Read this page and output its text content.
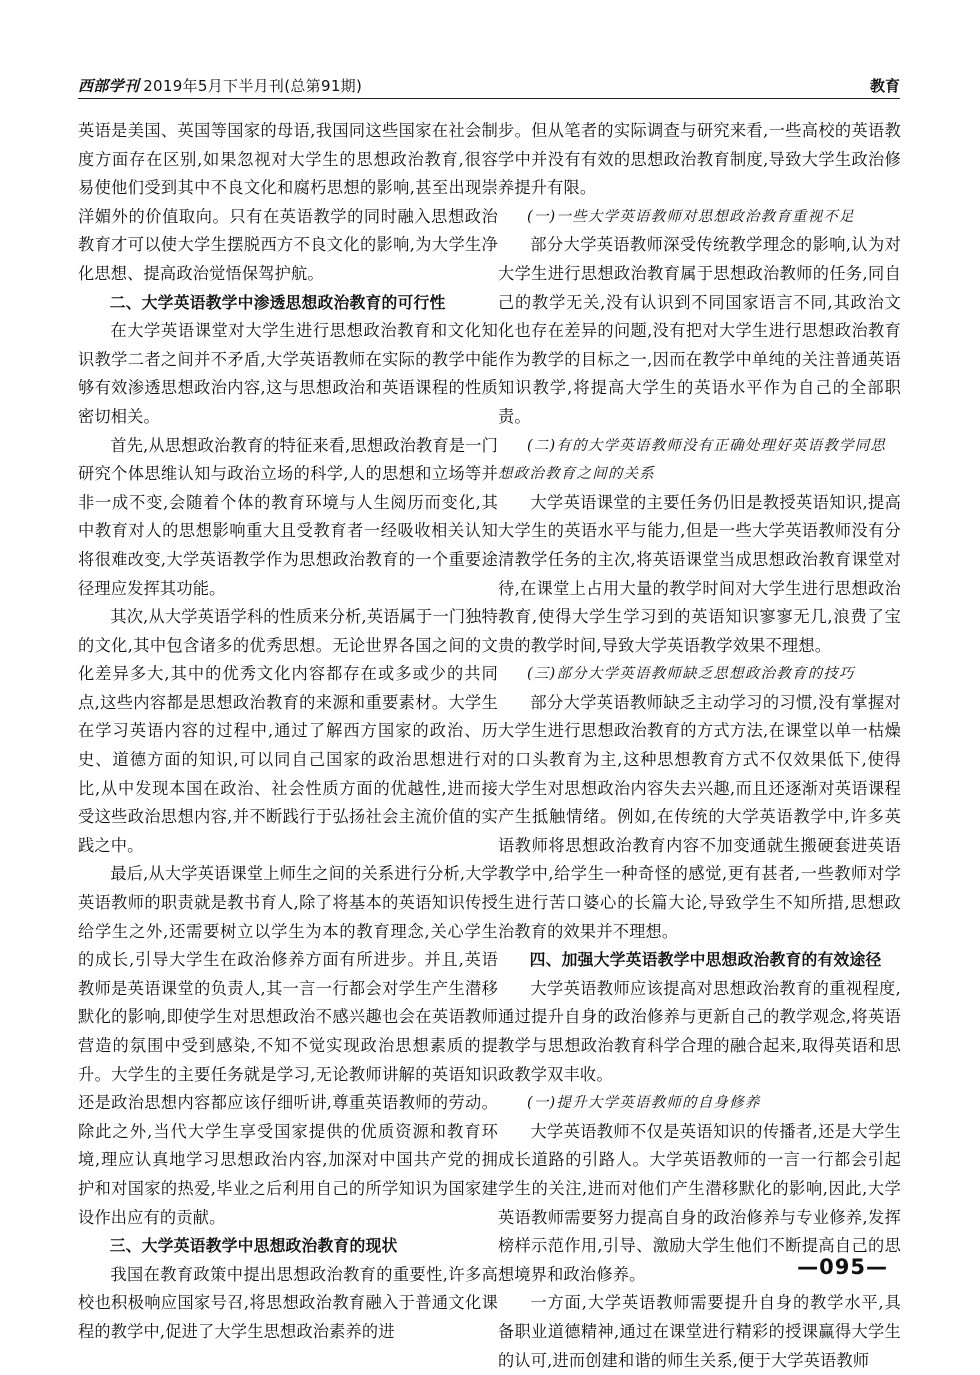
西部学刊 2019年5月下半月刊(总第91期)	教育

英语是美国、英国等国家的母语,我国同这些国家在社会制度方面存在区别,如果忽视对大学生的思想政治教育,很容易使他们受到其中不良文化和腐朽思想的影响,甚至出现崇洋媚外的价值取向。只有在英语教学的同时融入思想政治教育才可以使大学生摆脱西方不良文化的影响,为大学生净化思想、提高政治觉悟保驾护航。

二、大学英语教学中渗透思想政治教育的可行性

在大学英语课堂对大学生进行思想政治教育和文化知识教学二者之间并不矛盾,大学英语教师在实际的教学中能够有效渗透思想政治内容,这与思想政治和英语课程的性质密切相关。

首先,从思想政治教育的特征来看,思想政治教育是一门研究个体思维认知与政治立场的科学,人的思想和立场等并非一成不变,会随着个体的教育环境与人生阅历而变化,其中教育对人的思想影响重大且受教育者一经吸收相关认知将很难改变,大学英语教学作为思想政治教育的一个重要途径理应发挥其功能。

其次,从大学英语学科的性质来分析,英语属于一门独特的文化,其中包含诸多的优秀思想。无论世界各国之间的文化差异多大,其中的优秀文化内容都存在或多或少的共同点,这些内容都是思想政治教育的来源和重要素材。大学生在学习英语内容的过程中,通过了解西方国家的政治、历史、道德方面的知识,可以同自己国家的政治思想进行对比,从中发现本国在政治、社会性质方面的优越性,进而接受这些政治思想内容,并不断践行于弘扬社会主流价值的实践之中。

最后,从大学英语课堂上师生之间的关系进行分析,大学英语教师的职责就是教书育人,除了将基本的英语知识传授给学生之外,还需要树立以学生为本的教育理念,关心学生的成长,引导大学生在政治修养方面有所进步。并且,英语教师是英语课堂的负责人,其一言一行都会对学生产生潜移默化的影响,即使学生对思想政治不感兴趣也会在英语教师营造的氛围中受到感染,不知不觉实现政治思想素质的提升。大学生的主要任务就是学习,无论教师讲解的英语知识还是政治思想内容都应该仔细听讲,尊重英语教师的劳动。除此之外,当代大学生享受国家提供的优质资源和教育环境,理应认真地学习思想政治内容,加深对中国共产党的拥护和对国家的热爱,毕业之后利用自己的所学知识为国家建设作出应有的贡献。

三、大学英语教学中思想政治教育的现状

我国在教育政策中提出思想政治教育的重要性,许多高校也积极响应国家号召,将思想政治教育融入于普通文化课程的教学中,促进了大学生思想政治素养的进

步。但从笔者的实际调查与研究来看,一些高校的英语教学中并没有有效的思想政治教育制度,导致大学生政治修养提升有限。

(一)一些大学英语教师对思想政治教育重视不足

部分大学英语教师深受传统教学理念的影响,认为对大学生进行思想政治教育属于思想政治教师的任务,同自己的教学无关,没有认识到不同国家语言不同,其政治文化也存在差异的问题,没有把对大学生进行思想政治教育作为教学的目标之一,因而在教学中单纯的关注普通英语知识教学,将提高大学生的英语水平作为自己的全部职责。

(二)有的大学英语教师没有正确处理好英语教学同思想政治教育之间的关系

大学英语课堂的主要任务仍旧是教授英语知识,提高大学生的英语水平与能力,但是一些大学英语教师没有分清教学任务的主次,将英语课堂当成思想政治教育课堂对待,在课堂上占用大量的教学时间对大学生进行思想政治教育,使得大学生学习到的英语知识寥寥无几,浪费了宝贵的教学时间,导致大学英语教学效果不理想。

(三)部分大学英语教师缺乏思想政治教育的技巧

部分大学英语教师缺乏主动学习的习惯,没有掌握对大学生进行思想政治教育的方式方法,在课堂以单一枯燥的口头教育为主,这种思想教育方式不仅效果低下,使得大学生对思想政治内容失去兴趣,而且还逐渐对英语课程产生抵触情绪。例如,在传统的大学英语教学中,许多英语教师将思想政治教育内容不加变通就生搬硬套进英语教学中,给学生一种奇怪的感觉,更有甚者,一些教师对学生进行苦口婆心的长篇大论,导致学生不知所措,思想政治教育的效果并不理想。

四、加强大学英语教学中思想政治教育的有效途径

大学英语教师应该提高对思想政治教育的重视程度,通过提升自身的政治修养与更新自己的教学观念,将英语教学与思想政治教育科学合理的融合起来,取得英语和思政教学双丰收。

(一)提升大学英语教师的自身修养

大学英语教师不仅是英语知识的传播者,还是大学生成长道路的引路人。大学英语教师的一言一行都会引起学生的关注,进而对他们产生潜移默化的影响,因此,大学英语教师需要努力提高自身的政治修养与专业修养,发挥榜样示范作用,引导、激励大学生他们不断提高自己的思想境界和政治修养。

一方面,大学英语教师需要提升自身的教学水平,具备职业道德精神,通过在课堂进行精彩的授课赢得大学生的认可,进而创建和谐的师生关系,便于大学英语教师

—095—
